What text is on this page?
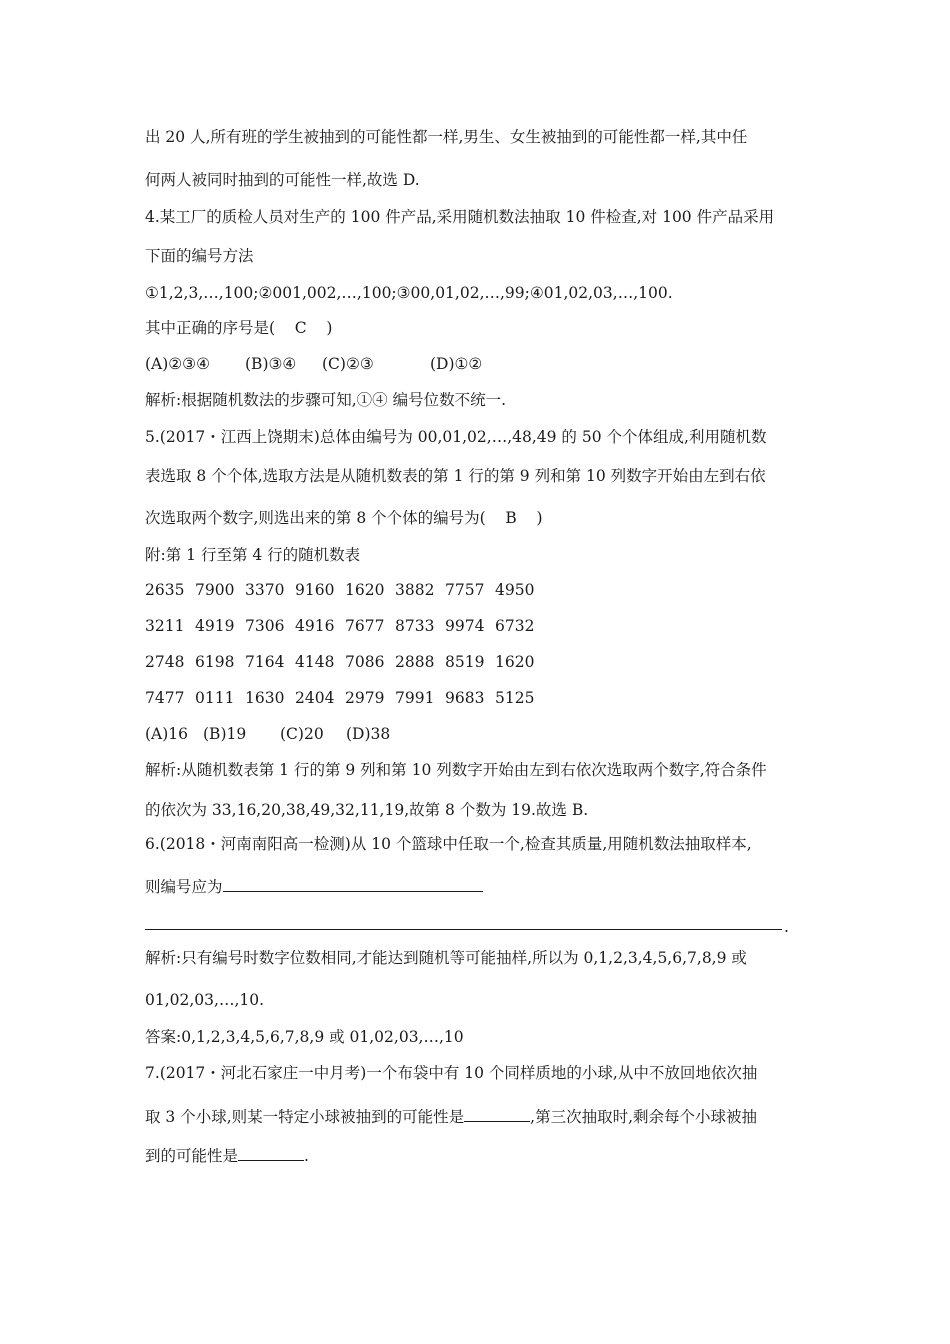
出 20 人,所有班的学生被抽到的可能性都一样,男生、女生被抽到的可能性都一样,其中任
何两人被同时抽到的可能性一样,故选 D.
4.某工厂的质检人员对生产的 100 件产品,采用随机数法抽取 10 件检查,对 100 件产品采用
下面的编号方法
①1,2,3,…,100;②001,002,…,100;③00,01,02,…,99;④01,02,03,…,100.
其中正确的序号是(    C    )
(A)②③④ (B)③④ (C)②③	(D)①②
解析:根据随机数法的步骤可知,①④ 编号位数不统一.
5.(2017・江西上饶期末)总体由编号为 00,01,02,…,48,49 的 50 个个体组成,利用随机数
表选取 8 个个体,选取方法是从随机数表的第 1 行的第 9 列和第 10 列数字开始由左到右依
次选取两个数字,则选出来的第 8 个个体的编号为(    B    )
附:第 1 行至第 4 行的随机数表
2635 7900 3370 9160 1620 3882 7757 4950
3211 4919 7306 4916 7677 8733 9974 6732
2748 6198 7164 4148 7086 2888 8519 1620
7477 0111 1630 2404 2979 7991 9683 5125
(A)16 (B)19 (C)20 (D)38
解析:从随机数表第 1 行的第 9 列和第 10 列数字开始由左到右依次选取两个数字,符合条件
的依次为 33,16,20,38,49,32,11,19,故第 8 个数为 19.故选 B.
6.(2018・河南南阳高一检测)从 10 个篮球中任取一个,检查其质量,用随机数法抽取样本,
则编号应为
.
解析:只有编号时数字位数相同,才能达到随机等可能抽样,所以为 0,1,2,3,4,5,6,7,8,9 或
01,02,03,…,10.
答案:0,1,2,3,4,5,6,7,8,9 或 01,02,03,…,10
7.(2017・河北石家庄一中月考)一个布袋中有 10 个同样质地的小球,从中不放回地依次抽
取 3 个小球,则某一特定小球被抽到的可能性是	,第三次抽取时,剩余每个小球被抽
到的可能性是	.
